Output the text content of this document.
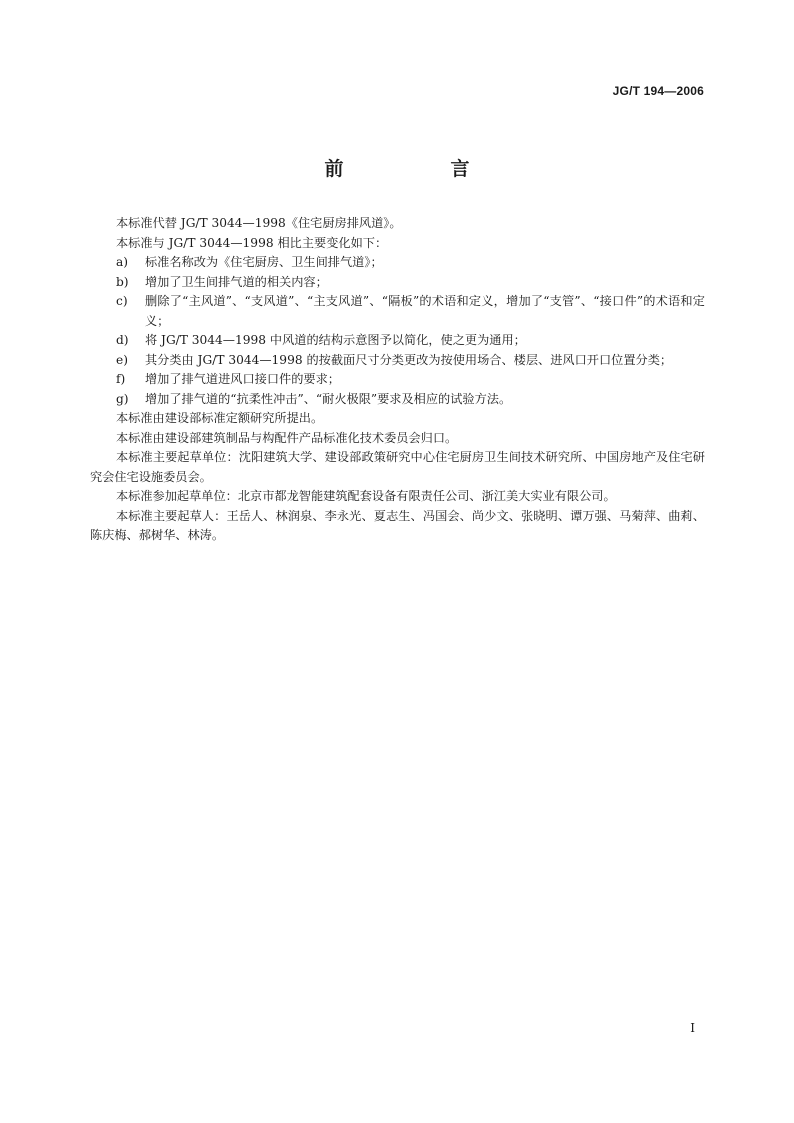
JG/T 194—2006
前　言

本标准代替 JG/T 3044—1998《住宅厨房排风道》。

本标准与 JG/T 3044—1998 相比主要变化如下：

a)	标准名称改为《住宅厨房、卫生间排气道》；
b)	增加了卫生间排气道的相关内容；
c)	删除了“主风道”、“支风道”、“主支风道”、“隔板”的术语和定义，增加了“支管”、“接口件”的术语和定义；
d)	将 JG/T 3044—1998 中风道的结构示意图予以简化，使之更为通用；
e)	其分类由 JG/T 3044—1998 的按截面尺寸分类更改为按使用场合、楼层、进风口开口位置分类；
f)	增加了排气道进风口接口件的要求；
g)	增加了排气道的“抗柔性冲击”、“耐火极限”要求及相应的试验方法。

本标准由建设部标准定额研究所提出。

本标准由建设部建筑制品与构配件产品标准化技术委员会归口。

本标准主要起草单位：沈阳建筑大学、建设部政策研究中心住宅厨房卫生间技术研究所、中国房地产及住宅研究会住宅设施委员会。

本标准参加起草单位：北京市都龙智能建筑配套设备有限责任公司、浙江美大实业有限公司。

本标准主要起草人：王岳人、林润泉、李永光、夏志生、冯国会、尚少文、张晓明、谭万强、马菊萍、曲莉、陈庆梅、郝树华、林涛。

I
